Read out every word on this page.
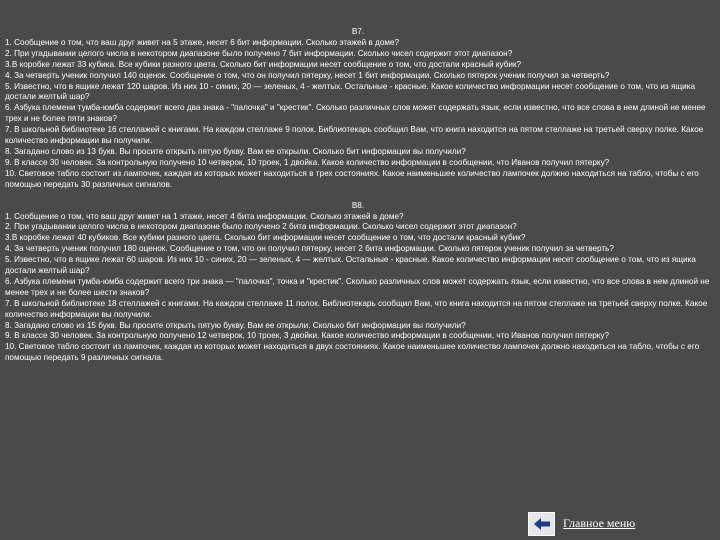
B7.
1. Сообщение о том, что ваш друг живет на 5 этаже, несет 6 бит информации. Сколько этажей в доме?
2. При угадывании целого числа в некотором диапазоне было получено 7 бит информации. Сколько чисел содержит этот диапазон?
3.В коробке лежат 33 кубика. Все кубики разного цвета. Сколько бит информации несет сообщение о том, что достали красный кубик?
4. За четверть ученик получил 140 оценок. Сообщение о том, что он получил пятерку, несет 1 бит информации. Сколько пятерок ученик получил за четверть?
5. Известно, что в ящике лежат 120 шаров. Из них 10 - синих, 20 — зеленых, 4 - желтых. Остальные - красные. Какое количество информации несет сообщение о том, что из ящика достали желтый шар?
6. Азбука племени тумба-юмба содержит всего два знака - "палочка" и "крестик". Сколько различных слов может содержать язык, если известно, что все слова в нем длиной не менее трех и не более пяти знаков?
7. В школьной библиотеке 16 стеллажей с книгами. На каждом стеллаже 9 полок. Библиотекарь сообщил Вам, что книга находится на пятом стеллаже на третьей сверху полке. Какое количество информации вы получили.
8. Загадано слово из 13 букв. Вы просите открыть пятую букву. Вам ее открыли. Сколько бит информации вы получили?
9. В классе 30 человек. За контрольную получено 10 четверок, 10 троек, 1 двойка. Какое количество информации в сообщении, что Иванов получил пятерку?
10. Световое табло состоит из лампочек, каждая из которых может находиться в трех состояниях. Какое наименьшее количество лампочек должно находиться на табло, чтобы с его помощью передать 30 различных сигналов.
B8.
1. Сообщение о том, что ваш друг живет на 1 этаже, несет 4 бита информации. Сколько этажей в доме?
2. При угадывании целого числа в некотором диапазоне было получено 2 бита информации. Сколько чисел содержит этот диапазон?
3.В коробке лежат 40 кубиков. Все кубики разного цвета. Сколько бит информации несет сообщение о том, что достали красный кубик?
4. За четверть ученик получил 180 оценок. Сообщение о том, что он получил пятерку, несет 2 бита информации. Сколько пятерок ученик получил за четверть?
5. Известно, что в ящике лежат 60 шаров. Из них 10 - синих, 20 — зеленых, 4 — желтых. Остальные - красные. Какое количество информации несет сообщение о том, что из ящика достали желтый шар?
6. Азбука племени тумба-юмба содержит всего три знака — "палочка", точка и "крестик". Сколько различных слов может содержать язык, если известно, что все слова в нем длиной не менее трех и не более шести знаков?
7. В школьной библиотеке 18 стеллажей с книгами. На каждом стеллаже 11 полок. Библиотекарь сообщил Вам, что книга находится на пятом стеллаже на третьей сверху полке. Какое количество информации вы получили.
8. Загадано слово из 15 букв. Вы просите открыть пятую букву. Вам ее открыли. Сколько бит информации вы получили?
9. В классе 30 человек. За контрольную получено 12 четверок, 10 троек, 3 двойки. Какое количество информации в сообщении, что Иванов получил пятерку?
10. Световое табло состоит из лампочек, каждая из которых может находиться в двух состояниях. Какое наименьшее количество лампочек должно находиться на табло, чтобы с его помощью передать 9 различных сигнала.
Главное меню
